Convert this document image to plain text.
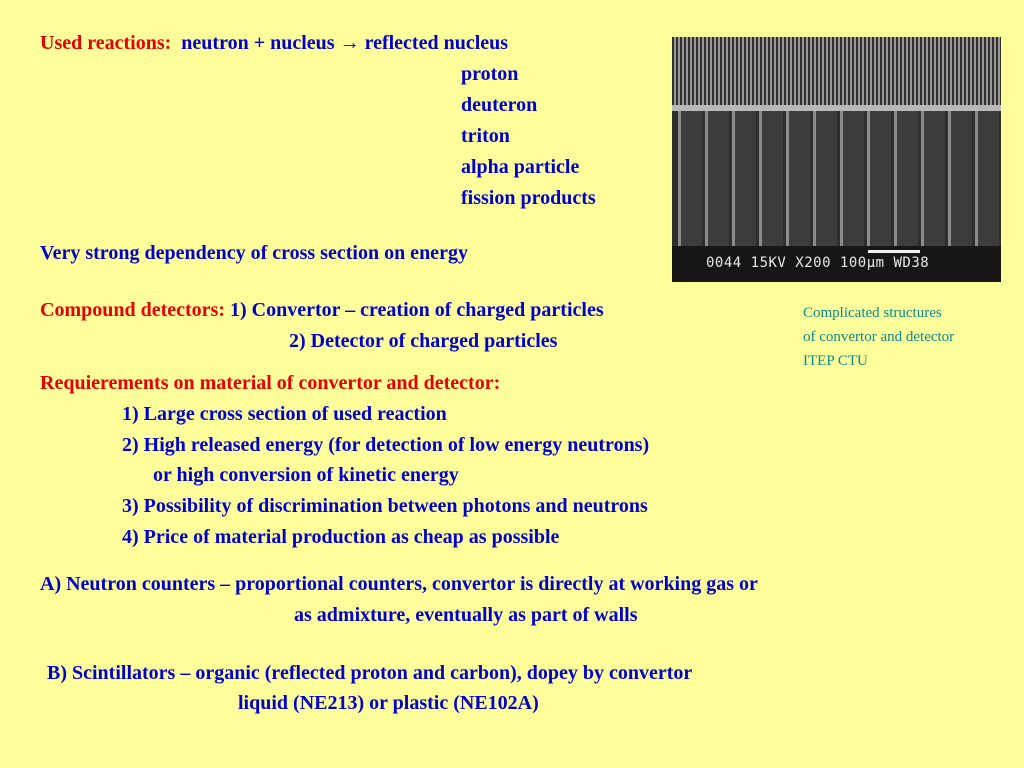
Used reactions: neutron + nucleus → reflected nucleus
proton
deuteron
triton
alpha particle
fission products
Very strong dependency of cross section on energy	0044 15KV X200 100μm WD38
Compound detectors: 1) Convertor – creation of charged particles
2) Detector of charged particles
Complicated structures
of convertor and detector
ITEP CTU
Requierements on material of convertor and detector:
1) Large cross section of used reaction
2) High released energy (for detection of low energy neutrons)
or high conversion of kinetic energy
3) Possibility of discrimination between photons and neutrons
4) Price of material production as cheap as possible
A) Neutron counters – proportional counters, convertor is directly at working gas or
as admixture, eventually as part of walls
B) Scintillators – organic (reflected proton and carbon), dopey by convertor
liquid (NE213) or plastic (NE102A)
